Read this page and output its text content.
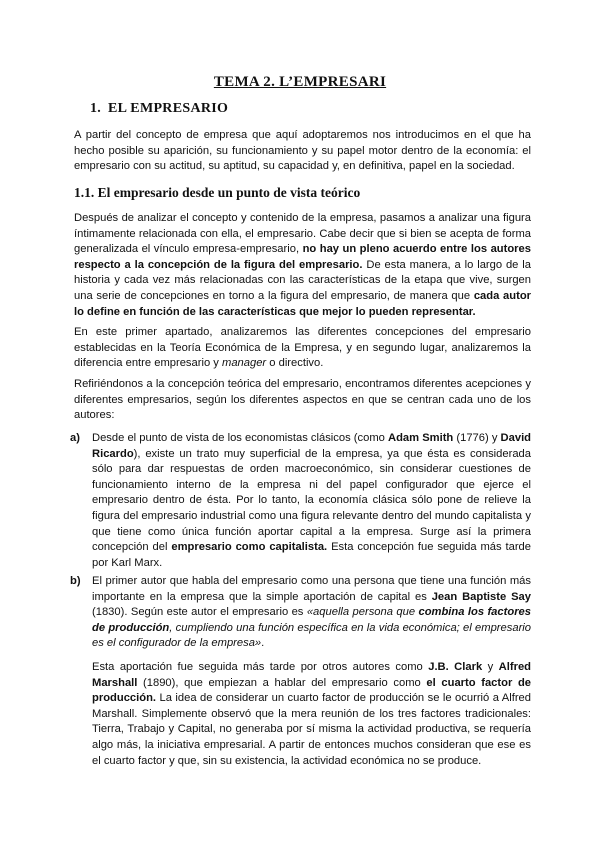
TEMA 2. L’EMPRESARI
1. EL EMPRESARIO
A partir del concepto de empresa que aquí adoptaremos nos introducimos en el que ha hecho posible su aparición, su funcionamiento y su papel motor dentro de la economía: el empresario con su actitud, su aptitud, su capacidad y, en definitiva, papel en la sociedad.
1.1. El empresario desde un punto de vista teórico
Después de analizar el concepto y contenido de la empresa, pasamos a analizar una figura íntimamente relacionada con ella, el empresario. Cabe decir que si bien se acepta de forma generalizada el vínculo empresa-empresario, no hay un pleno acuerdo entre los autores respecto a la concepción de la figura del empresario. De esta manera, a lo largo de la historia y cada vez más relacionadas con las características de la etapa que vive, surgen una serie de concepciones en torno a la figura del empresario, de manera que cada autor lo define en función de las características que mejor lo pueden representar.
En este primer apartado, analizaremos las diferentes concepciones del empresario establecidas en la Teoría Económica de la Empresa, y en segundo lugar, analizaremos la diferencia entre empresario y manager o directivo.
Refiriéndonos a la concepción teórica del empresario, encontramos diferentes acepciones y diferentes empresarios, según los diferentes aspectos en que se centran cada uno de los autores:
a) Desde el punto de vista de los economistas clásicos (como Adam Smith (1776) y David Ricardo), existe un trato muy superficial de la empresa, ya que ésta es considerada sólo para dar respuestas de orden macroeconómico, sin considerar cuestiones de funcionamiento interno de la empresa ni del papel configurador que ejerce el empresario dentro de ésta. Por lo tanto, la economía clásica sólo pone de relieve la figura del empresario industrial como una figura relevante dentro del mundo capitalista y que tiene como única función aportar capital a la empresa. Surge así la primera concepción del empresario como capitalista. Esta concepción fue seguida más tarde por Karl Marx.
b) El primer autor que habla del empresario como una persona que tiene una función más importante en la empresa que la simple aportación de capital es Jean Baptiste Say (1830). Según este autor el empresario es «aquella persona que combina los factores de producción, cumpliendo una función específica en la vida económica; el empresario es el configurador de la empresa».
Esta aportación fue seguida más tarde por otros autores como J.B. Clark y Alfred Marshall (1890), que empiezan a hablar del empresario como el cuarto factor de producción. La idea de considerar un cuarto factor de producción se le ocurrió a Alfred Marshall. Simplemente observó que la mera reunión de los tres factores tradicionales: Tierra, Trabajo y Capital, no generaba por sí misma la actividad productiva, se requería algo más, la iniciativa empresarial. A partir de entonces muchos consideran que ese es el cuarto factor y que, sin su existencia, la actividad económica no se produce.
